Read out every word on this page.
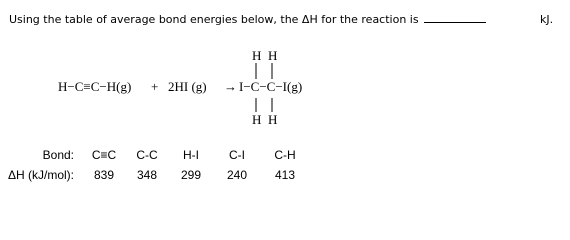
Using the table of average bond energies below, the ΔH for the reaction is	kJ.
H H
H−C≡C−H(g) + 2HI (g) → I−C−C−I(g)
H H
Bond:	C≡C	C-C	H-I	C-I	C-H
ΔH (kJ/mol):	839	348	299	240	413
